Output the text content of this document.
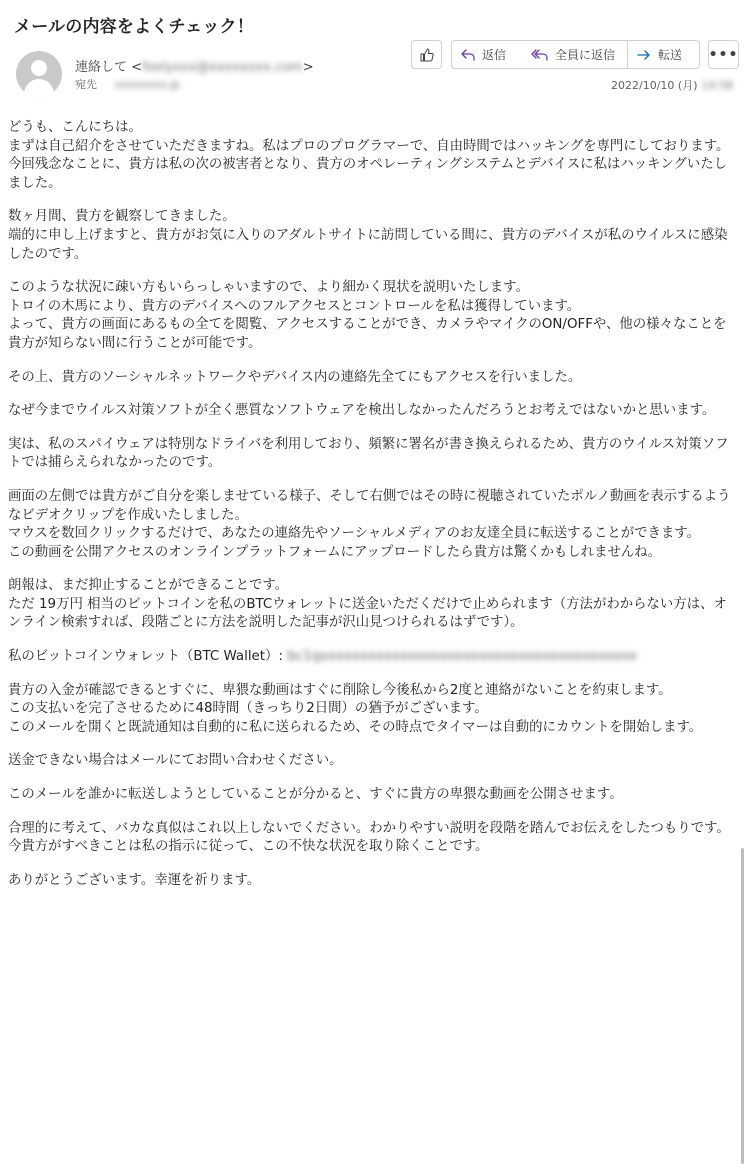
メールの内容をよくチェック！
連絡して <foxlyxxx@xxxxxxxx.com>
宛先 xxxxxxxx.jp
返信	全員に返信	転送 •••
2022/10/10 (月) 14:58

どうも、こんにちは。

まずは自己紹介をさせていただきますね。私はプロのプログラマーで、自由時間ではハッキングを専門にしております。

今回残念なことに、貴方は私の次の被害者となり、貴方のオペレーティングシステムとデバイスに私はハッキングいたしました。

数ヶ月間、貴方を観察してきました。

端的に申し上げますと、貴方がお気に入りのアダルトサイトに訪問している間に、貴方のデバイスが私のウイルスに感染したのです。

このような状況に疎い方もいらっしゃいますので、より細かく現状を説明いたします。

トロイの木馬により、貴方のデバイスへのフルアクセスとコントロールを私は獲得しています。

よって、貴方の画面にあるもの全てを閲覧、アクセスすることができ、カメラやマイクのON/OFFや、他の様々なことを貴方が知らない間に行うことが可能です。

その上、貴方のソーシャルネットワークやデバイス内の連絡先全てにもアクセスを行いました。

なぜ今までウイルス対策ソフトが全く悪質なソフトウェアを検出しなかったんだろうとお考えではないかと思います。

実は、私のスパイウェアは特別なドライバを利用しており、頻繁に署名が書き換えられるため、貴方のウイルス対策ソフトでは捕らえられなかったのです。

画面の左側では貴方がご自分を楽しませている様子、そして右側ではその時に視聴されていたポルノ動画を表示するようなビデオクリップを作成いたしました。

マウスを数回クリックするだけで、あなたの連絡先やソーシャルメディアのお友達全員に転送することができます。

この動画を公開アクセスのオンラインプラットフォームにアップロードしたら貴方は驚くかもしれませんね。

朗報は、まだ抑止することができることです。

ただ 19万円 相当のビットコインを私のBTCウォレットに送金いただくだけで止められます（方法がわからない方は、オンライン検索すれば、段階ごとに方法を説明した記事が沢山見つけられるはずです）。

私のビットコインウォレット（BTC Wallet）: bc1qxxxxxxxxxxxxxxxxxxxxxxxxxxxxxxxxxxxxxxxx

貴方の入金が確認できるとすぐに、卑猥な動画はすぐに削除し今後私から2度と連絡がないことを約束します。

この支払いを完了させるために48時間（きっちり2日間）の猶予がございます。

このメールを開くと既読通知は自動的に私に送られるため、その時点でタイマーは自動的にカウントを開始します。

送金できない場合はメールにてお問い合わせください。

このメールを誰かに転送しようとしていることが分かると、すぐに貴方の卑猥な動画を公開させます。

合理的に考えて、バカな真似はこれ以上しないでください。わかりやすい説明を段階を踏んでお伝えをしたつもりです。今貴方がすべきことは私の指示に従って、この不快な状況を取り除くことです。

ありがとうございます。幸運を祈ります。
